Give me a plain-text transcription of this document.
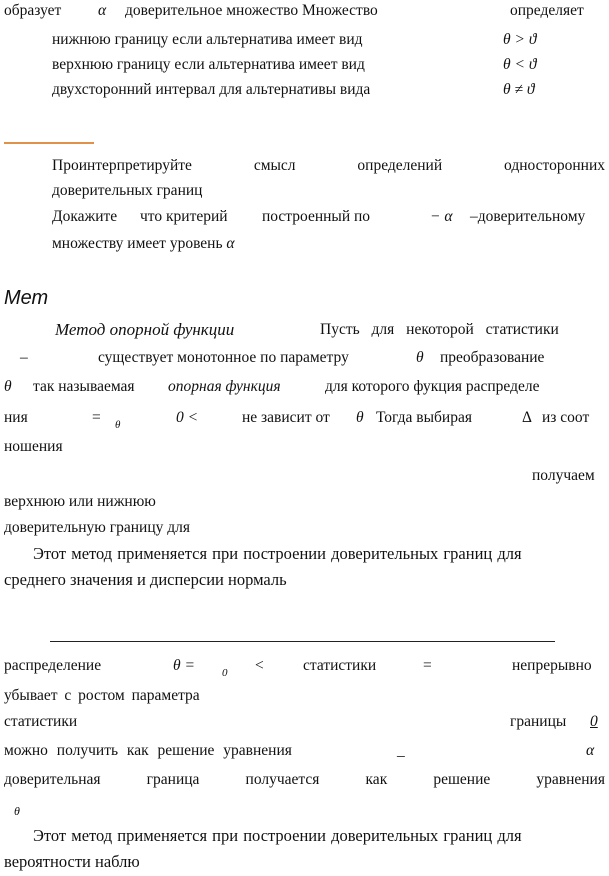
образует α доверительное множество Множество	определяет
нижнюю границу если альтернатива имеет вид	θ > ϑ
верхнюю границу если альтернатива имеет вид	θ < ϑ
двухсторонний интервал для альтернативы вида	θ ≠ ϑ
Проинтерпретируйте	смысл	определений	односторонних
доверительных границ
Докажите что критерий построенный по	− α –доверительному
множеству имеет уровень α
Мет
Метод опорной функции	Пусть для некоторой статистики
–	существует монотонное по параметру	θ преобразование
θ так называемая опорная функция	для которого фукция распределе
ния	= θ	0 <	не зависит от θ Тогда выбирая	Δ из соот
ношения
получаем
верхнюю или нижнюю
доверительную границу для
Этот метод применяется при построении доверительных границ для
среднего значения и дисперсии нормаль
распределение	θ = 0 <	статистики	=	непрерывно
убывает с ростом параметра
статистики	границы 0
можно получить как решение уравнения	_	α
доверительная	граница	получается	как	решение	уравнения
θ
Этот метод применяется при построении доверительных границ для
вероятности наблю
